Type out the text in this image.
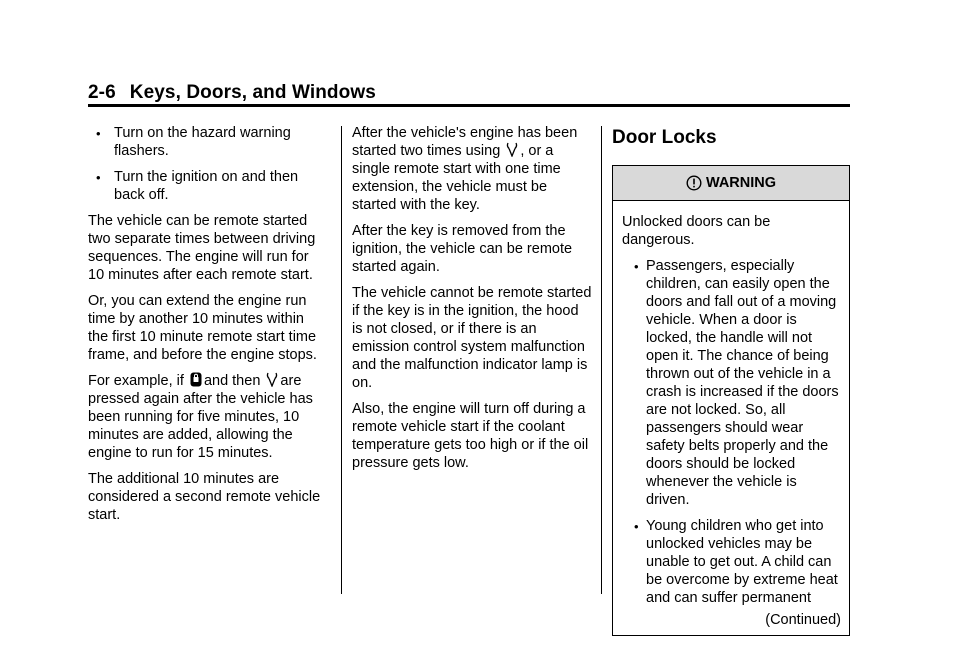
2-6 Keys, Doors, and Windows
• Turn on the hazard warning flashers.
• Turn the ignition on and then back off.

The vehicle can be remote started two separate times between driving sequences. The engine will run for 10 minutes after each remote start.

Or, you can extend the engine run time by another 10 minutes within the first 10 minute remote start time frame, and before the engine stops.

For example, if and then are pressed again after the vehicle has been running for five minutes, 10 minutes are added, allowing the engine to run for 15 minutes.

The additional 10 minutes are considered a second remote vehicle start.

After the vehicle's engine has been started two times using , or a single remote start with one time extension, the vehicle must be started with the key.

After the key is removed from the ignition, the vehicle can be remote started again.

The vehicle cannot be remote started if the key is in the ignition, the hood is not closed, or if there is an emission control system malfunction and the malfunction indicator lamp is on.

Also, the engine will turn off during a remote vehicle start if the coolant temperature gets too high or if the oil pressure gets low.

Door Locks
WARNING

Unlocked doors can be dangerous.

• Passengers, especially children, can easily open the doors and fall out of a moving vehicle. When a door is locked, the handle will not open it. The chance of being thrown out of the vehicle in a crash is increased if the doors are not locked. So, all passengers should wear safety belts properly and the doors should be locked whenever the vehicle is driven.
• Young children who get into unlocked vehicles may be unable to get out. A child can be overcome by extreme heat and can suffer permanent
(Continued)
